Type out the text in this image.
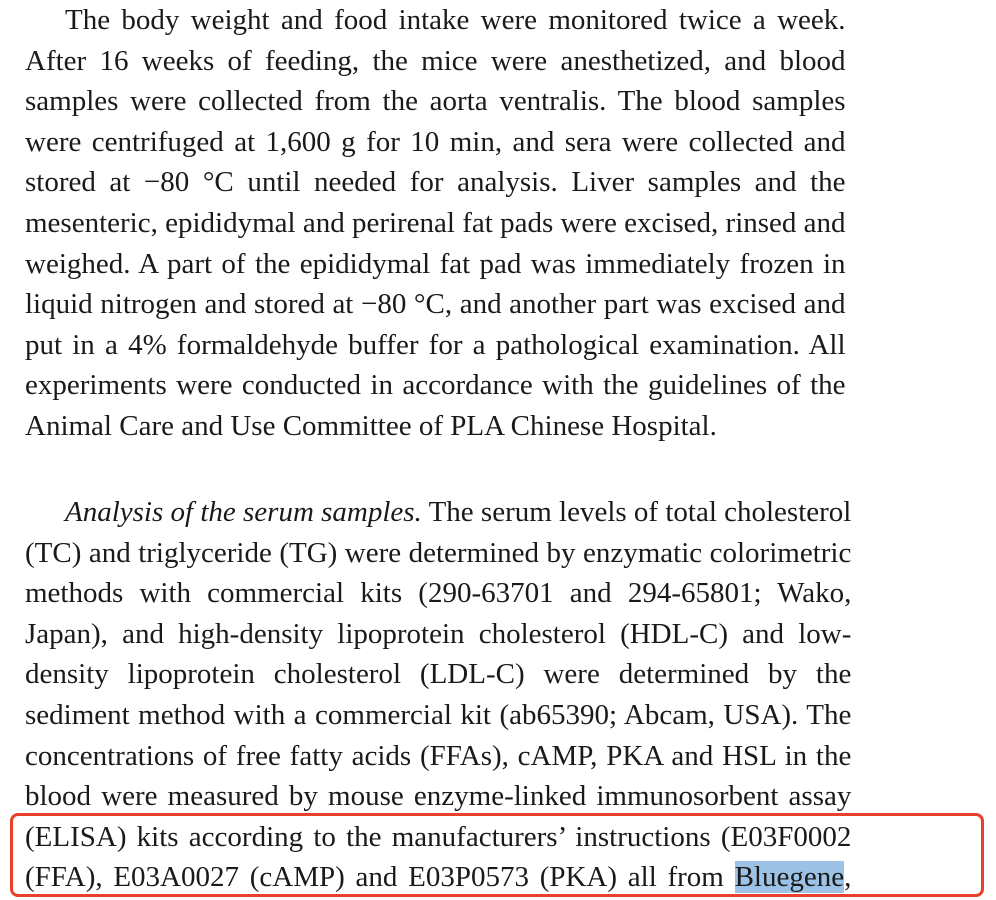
The body weight and food intake were monitored twice a week.
After 16 weeks of feeding, the mice were anesthetized, and blood
samples were collected from the aorta ventralis. The blood samples
were centrifuged at 1,600 g for 10 min, and sera were collected and
stored at −80 °C until needed for analysis. Liver samples and the
mesenteric, epididymal and perirenal fat pads were excised, rinsed and
weighed. A part of the epididymal fat pad was immediately frozen in
liquid nitrogen and stored at −80 °C, and another part was excised and
put in a 4% formaldehyde buffer for a pathological examination. All
experiments were conducted in accordance with the guidelines of the
Animal Care and Use Committee of PLA Chinese Hospital.
Analysis of the serum samples. The serum levels of total cholesterol
(TC) and triglyceride (TG) were determined by enzymatic colorimetric
methods with commercial kits (290-63701 and 294-65801; Wako,
Japan), and high-density lipoprotein cholesterol (HDL-C) and low-
density lipoprotein cholesterol (LDL-C) were determined by the
sediment method with a commercial kit (ab65390; Abcam, USA). The
concentrations of free fatty acids (FFAs), cAMP, PKA and HSL in the
blood were measured by mouse enzyme-linked immunosorbent assay
(ELISA) kits according to the manufacturers’ instructions (E03F0002
(FFA), E03A0027 (cAMP) and E03P0573 (PKA) all from Bluegene,
